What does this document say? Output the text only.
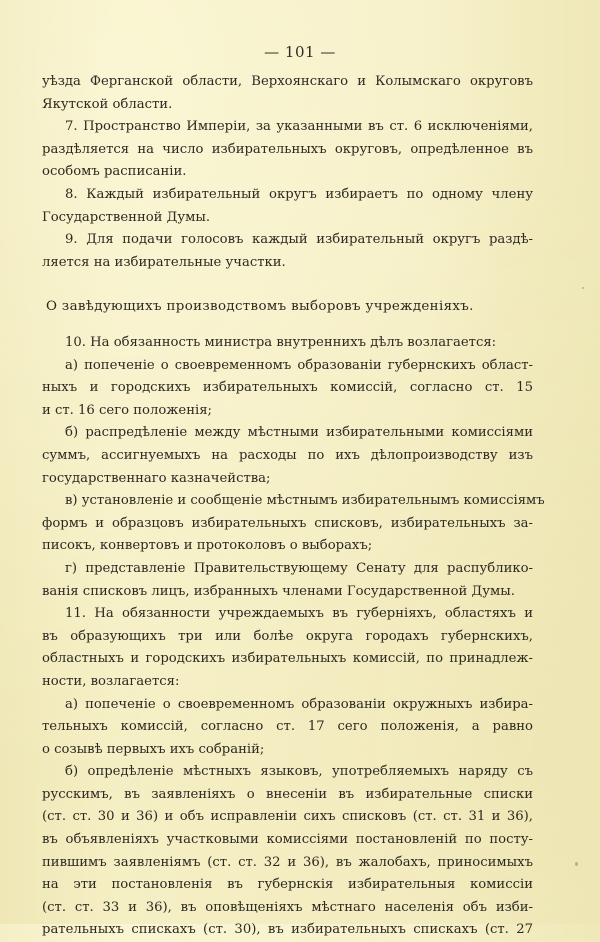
— 101 —
уѣзда Ферганской области, Верхоянскаго и Колымскаго округовъ
Якутской области.
7. Пространство Имперiи, за указанными въ ст. 6 исключенiями,
раздѣляется на число избирательныхъ округовъ, опредѣленное въ
особомъ расписанiи.
8. Каждый избирательный округъ избираетъ по одному члену
Государственной Думы.
9. Для подачи голосовъ каждый избирательный округъ раздѣ-
ляется на избирательные участки.
О завѣдующихъ производствомъ выборовъ учрежденiяхъ.
10. На обязанность министра внутреннихъ дѣлъ возлагается:
а) попеченiе о своевременномъ образованiи губернскихъ област-
ныхъ и городскихъ избирательныхъ комиссiй, согласно ст. 15
и ст. 16 сего положенiя;
б) распредѣленiе между мѣстными избирательными комиссiями
суммъ, ассигнуемыхъ на расходы по ихъ дѣлопроизводству изъ
государственнаго казначейства;
в) установленiе и сообщенiе мѣстнымъ избирательнымъ комиссiямъ
формъ и образцовъ избирательныхъ списковъ, избирательныхъ за-
писокъ, конвертовъ и протоколовъ о выборахъ;
г) представленiе Правительствующему Сенату для распублико-
ванiя списковъ лицъ, избранныхъ членами Государственной Думы.
11. На обязанности учреждаемыхъ въ губернiяхъ, областяхъ и
въ образующихъ три или болѣе округа городахъ губернскихъ,
областныхъ и городскихъ избирательныхъ комиссiй, по принадлеж-
ности, возлагается:
а) попеченiе о своевременномъ образованiи окружныхъ избира-
тельныхъ комиссiй, согласно ст. 17 сего положенiя, а равно
о созывѣ первыхъ ихъ собранiй;
б) опредѣленiе мѣстныхъ языковъ, употребляемыхъ наряду съ
русскимъ, въ заявленiяхъ о внесенiи въ избирательные списки
(ст. ст. 30 и 36) и объ исправленiи сихъ списковъ (ст. ст. 31 и 36),
въ объявленiяхъ участковыми комиссiями постановленiй по посту-
пившимъ заявленiямъ (ст. ст. 32 и 36), въ жалобахъ, приносимыхъ
на эти постановленiя въ губернскiя избирательныя комиссiи
(ст. ст. 33 и 36), въ оповѣщенiяхъ мѣстнаго населенiя объ изби-
рательныхъ спискахъ (ст. 30), въ избирательныхъ спискахъ (ст. 27
